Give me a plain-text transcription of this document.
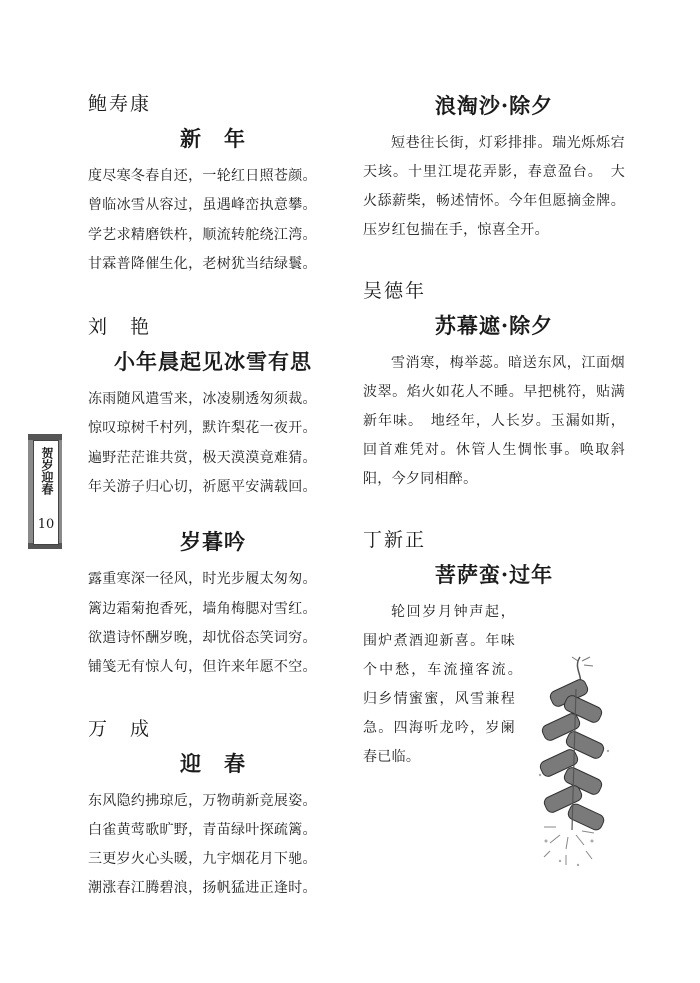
鲍寿康
新　年
度尽寒冬春自还，一轮红日照苍颜。
曾临冰雪从容过，虽遇峰峦执意攀。
学艺求精磨铁杵，顺流转舵绕江湾。
甘霖普降催生化，老树犹当结绿鬟。
刘　艳
小年晨起见冰雪有思
冻雨随风遣雪来，冰凌剔透匆须裁。
惊叹琼树千村列，默许梨花一夜开。
遍野茫茫谁共赏，极天漠漠竟难猜。
年关游子归心切，祈愿平安满载回。
岁暮吟
露重寒深一径风，时光步履太匆匆。
篱边霜菊抱香死，墙角梅腮对雪红。
欲遣诗怀酬岁晚，却忧俗态笑词穷。
铺笺无有惊人句，但许来年愿不空。
万　成
迎　春
东风隐约拂琼卮，万物萌新竞展姿。
白雀黄莺歌旷野，青苗绿叶探疏篱。
三更岁火心头暖，九宇烟花月下驰。
潮涨春江腾碧浪，扬帆猛进正逢时。
浪淘沙·除夕
短巷往长街，灯彩排排。瑞光烁烁宕天垓。十里江堤花弄影，春意盈台。　大火舔薪柴，畅述情怀。今年但愿摘金牌。压岁红包揣在手，惊喜全开。
吴德年
苏幕遮·除夕
雪消寒，梅举蕊。暗送东风，江面烟波翠。焰火如花人不睡。早把桃符，贴满新年味。　地经年，人长岁。玉漏如斯，回首难凭对。休管人生惆怅事。唤取斜阳，今夕同相醉。
丁新正
菩萨蛮·过年
轮回岁月钟声起，围炉煮酒迎新喜。年味个中愁，车流撞客流。　归乡情蜜蜜，风雪兼程急。四海听龙吟，岁阑春已临。
贺岁迎春
10
